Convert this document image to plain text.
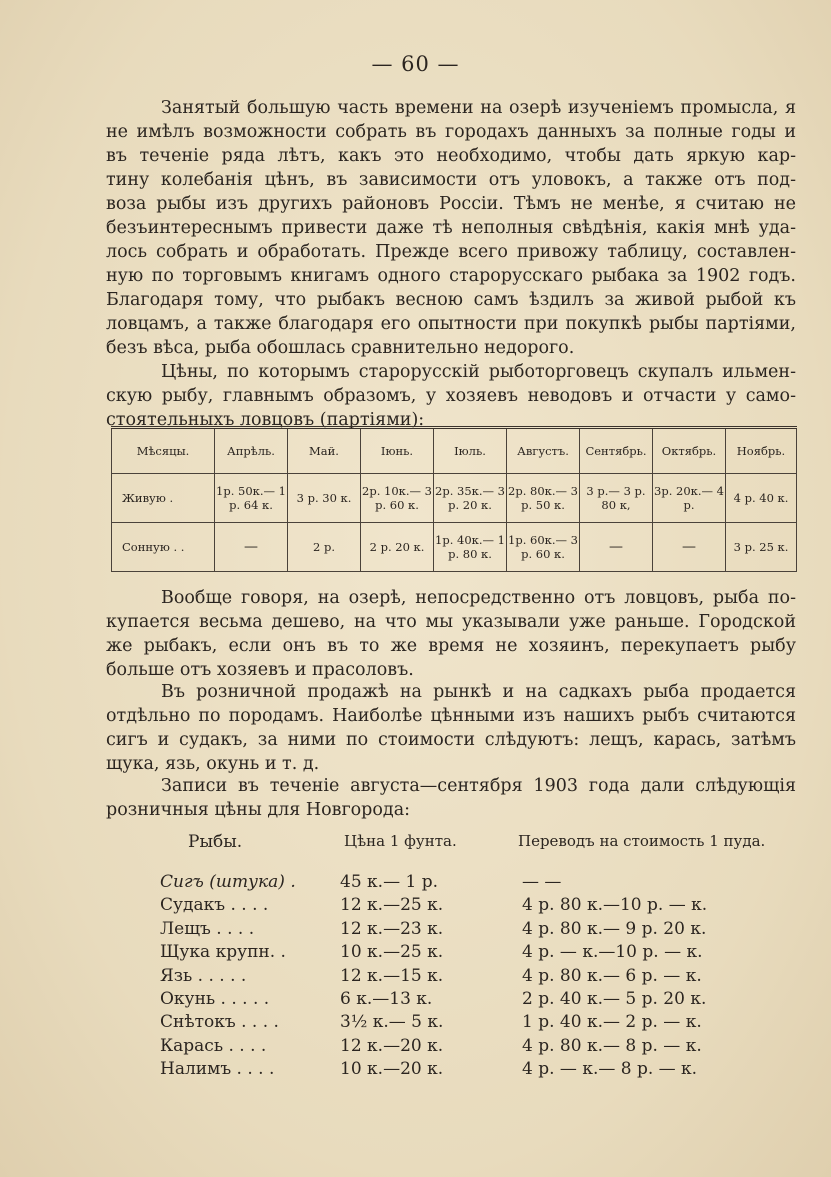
— 60 —

Занятый большую часть времени на озерѣ изученіемъ промысла, я
не имѣлъ возможности собрать въ городахъ данныхъ за полные годы и
въ теченіе ряда лѣтъ, какъ это необходимо, чтобы дать яркую кар-
тину колебанія цѣнъ, въ зависимости отъ уловокъ, а также отъ под-
воза рыбы изъ другихъ районовъ Россіи. Тѣмъ не менѣе, я считаю не
безъинтереснымъ привести даже тѣ неполныя свѣдѣнія, какія мнѣ уда-
лось собрать и обработать. Прежде всего привожу таблицу, составлен-
ную по торговымъ книгамъ одного старорусскаго рыбака за 1902 годъ.
Благодаря тому, что рыбакъ весною самъ ѣздилъ за живой рыбой къ
ловцамъ, а также благодаря его опытности при покупкѣ рыбы партіями,
безъ вѣса, рыба обошлась сравнительно недорого.

Цѣны, по которымъ старорусскій рыботорговецъ скупалъ ильмен-
скую рыбу, главнымъ образомъ, у хозяевъ неводовъ и отчасти у само-
стоятельныхъ ловцовъ (партіями):

Мѣсяцы.	Апрѣль.	Май.	Іюнь.	Іюль.	Августъ.	Сентябрь.	Октябрь.	Ноябрь.
Живую .	1р. 50к.— 1 р. 64 к.	3 р. 30 к.	2р. 10к.— 3 р. 60 к.	2р. 35к.— 3 р. 20 к.	2р. 80к.— 3 р. 50 к.	3 р.— 3 р. 80 к,	3р. 20к.— 4 р.	4 р. 40 к.
Сонную . .	—	2 р.	2 р. 20 к.	1р. 40к.— 1 р. 80 к.	1р. 60к.— 3 р. 60 к.	—	—	3 р. 25 к.

Вообще говоря, на озерѣ, непосредственно отъ ловцовъ, рыба по-
купается весьма дешево, на что мы указывали уже раньше. Городской
же рыбакъ, если онъ въ то же время не хозяинъ, перекупаетъ рыбу
больше отъ хозяевъ и прасоловъ.

Въ розничной продажѣ на рынкѣ и на садкахъ рыба продается
отдѣльно по породамъ. Наиболѣе цѣнными изъ нашихъ рыбъ считаются
сигъ и судакъ, за ними по стоимости слѣдуютъ: лещъ, карась, затѣмъ
щука, язь, окунь и т. д.

Записи въ теченіе августа—сентября 1903 года дали слѣдующія
розничныя цѣны для Новгорода:

Рыбы.	Цѣна 1 фунта.	Переводъ на стоимость 1 пуда.
Сигъ (штука) .	45 к.— 1 р.	— —
Судакъ . . . .	12 к.—25 к.	4 р. 80 к.—10 р. — к.
Лещъ . . . .	12 к.—23 к.	4 р. 80 к.— 9 р. 20 к.
Щука крупн. .	10 к.—25 к.	4 р. — к.—10 р. — к.
Язь . . . . .	12 к.—15 к.	4 р. 80 к.— 6 р. — к.
Окунь . . . . .	6 к.—13 к.	2 р. 40 к.— 5 р. 20 к.
Снѣтокъ . . . .	3½ к.— 5 к.	1 р. 40 к.— 2 р. — к.
Карась . . . .	12 к.—20 к.	4 р. 80 к.— 8 р. — к.
Налимъ . . . .	10 к.—20 к.	4 р. — к.— 8 р. — к.
